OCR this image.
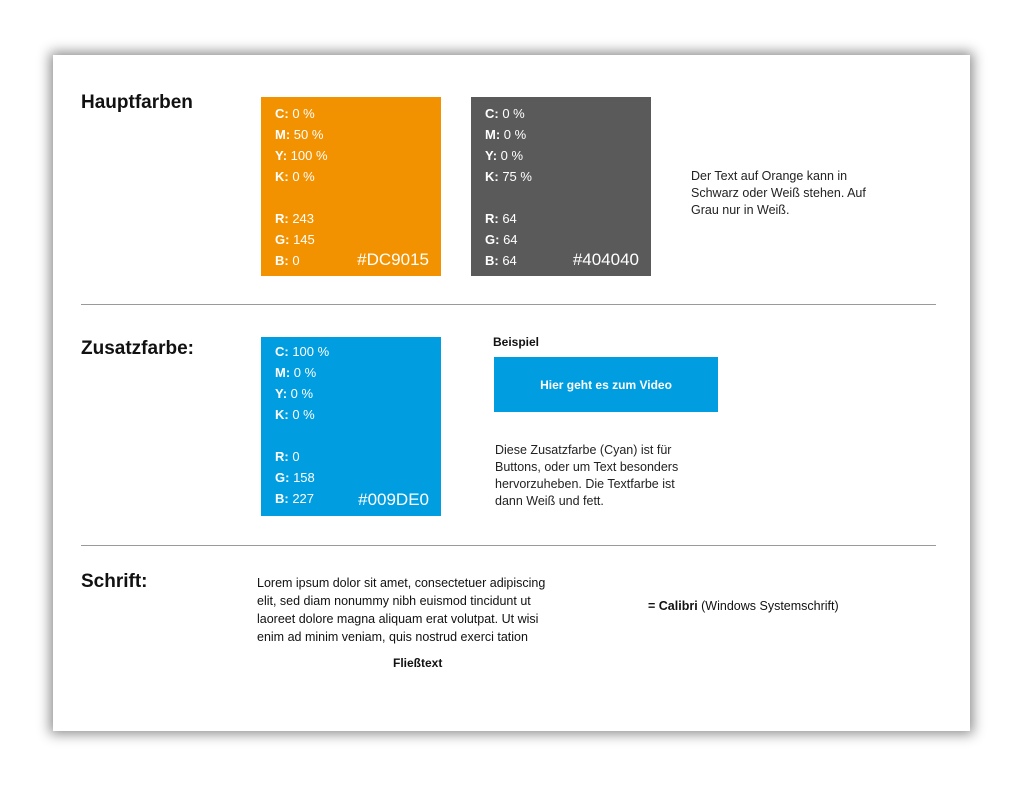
Hauptfarben
C: 0 %
M: 50 %
Y: 100 %
K: 0 %
R: 243
G: 145
B: 0	#DC9015
C: 0 %
M: 0 %
Y: 0 %
K: 75 %
R: 64
G: 64
B: 64	#404040
Der Text auf Orange kann in
Schwarz oder Weiß stehen. Auf
Grau nur in Weiß.
Zusatzfarbe:	C: 100 %
M: 0 %
Y: 0 %
K: 0 %
R: 0
G: 158
B: 227	#009DE0
Beispiel
Hier geht es zum Video
Diese Zusatzfarbe (Cyan) ist für
Buttons, oder um Text besonders
hervorzuheben. Die Textfarbe ist
dann Weiß und fett.
Schrift:	Lorem ipsum dolor sit amet, consectetuer adipiscing
elit, sed diam nonummy nibh euismod tincidunt ut
laoreet dolore magna aliquam erat volutpat. Ut wisi
enim ad minim veniam, quis nostrud exerci tation
Fließtext
= Calibri (Windows Systemschrift)
